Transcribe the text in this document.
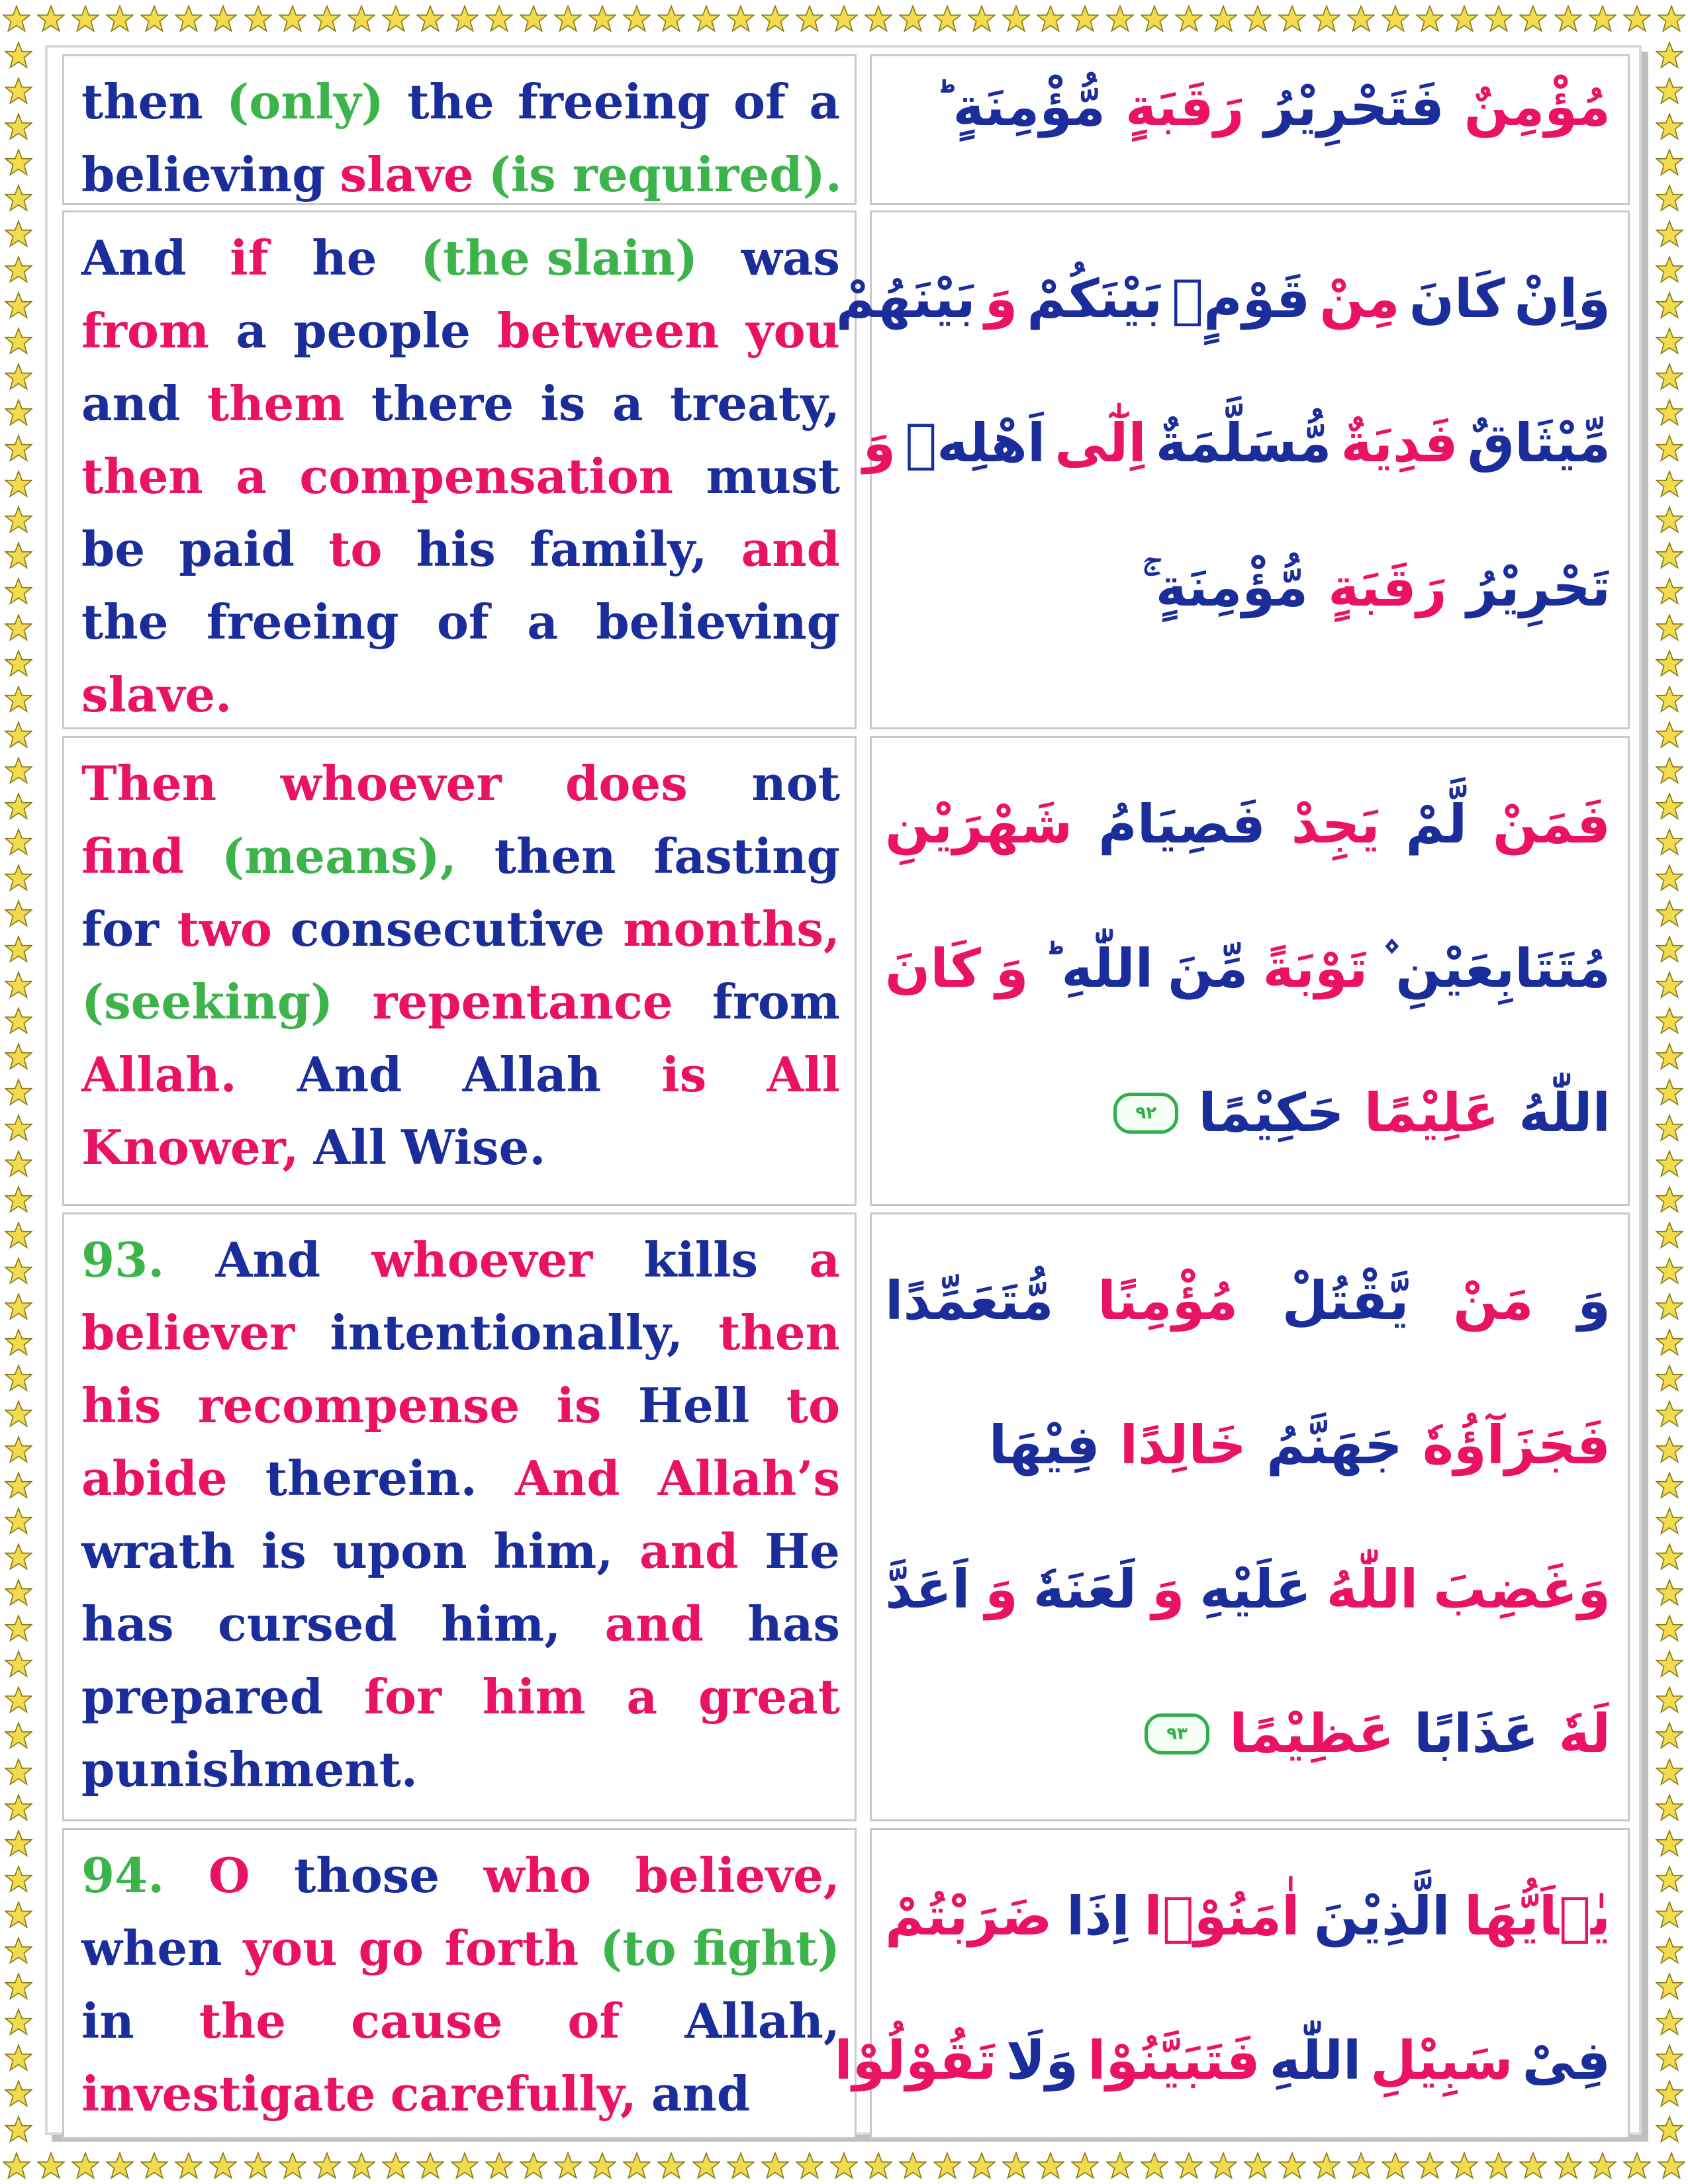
then (only) the freeing of a
believing slave (is required).
مُؤْمِنٌ
فَتَحْرِيْرُ
رَقَبَةٍ
مُّؤْمِنَةٍ ؕ
And if he (the slain) was
from a people between you
and them there is a treaty,
then a compensation must
be paid to his family, and
the freeing of a believing
slave.
وَاِنْ
كَانَ
مِنْ
قَوْمٍۭ
بَيْنَكُمْ
وَ
بَيْنَهُمْ
مِّيْثَاقٌ
فَدِيَةٌ
مُّسَلَّمَةٌ
اِلٰٓى
اَهْلِهٖ
وَ
تَحْرِيْرُ
رَقَبَةٍ
مُّؤْمِنَةٍ ۚ
Then whoever does not
find (means), then fasting
for two consecutive months,
(seeking) repentance from
Allah. And Allah is All
Knower, All Wise.
فَمَنْ
لَّمْ
يَجِدْ
فَصِيَامُ
شَهْرَيْنِ
مُتَتَابِعَيْنِ ۫
تَوْبَةً
مِّنَ
اللّٰهِ ؕ
وَ
كَانَ
اللّٰهُ
عَلِيْمًا
حَكِيْمًا
۹۲
93. And whoever kills a
believer intentionally, then
his recompense is Hell to
abide therein. And Allah’s
wrath is upon him, and He
has cursed him, and has
prepared for him a great
punishment.
وَ
مَنْ
يَّقْتُلْ
مُؤْمِنًا
مُّتَعَمِّدًا
فَجَزَآؤُهٗ
جَهَنَّمُ
خَالِدًا
فِيْهَا
وَغَضِبَ
اللّٰهُ
عَلَيْهِ
وَ
لَعَنَهٗ
وَ
اَعَدَّ
لَهٗ
عَذَابًا
عَظِيْمًا
۹۳
94. O those who believe,
when you go forth (to fight)
in the cause of Allah,
investigate carefully, and
يٰۤاَيُّهَا
الَّذِيْنَ
اٰمَنُوْۤا
اِذَا
ضَرَبْتُمْ
فِىْ
سَبِيْلِ
اللّٰهِ
فَتَبَيَّنُوْا
وَلَا
تَقُوْلُوْا
